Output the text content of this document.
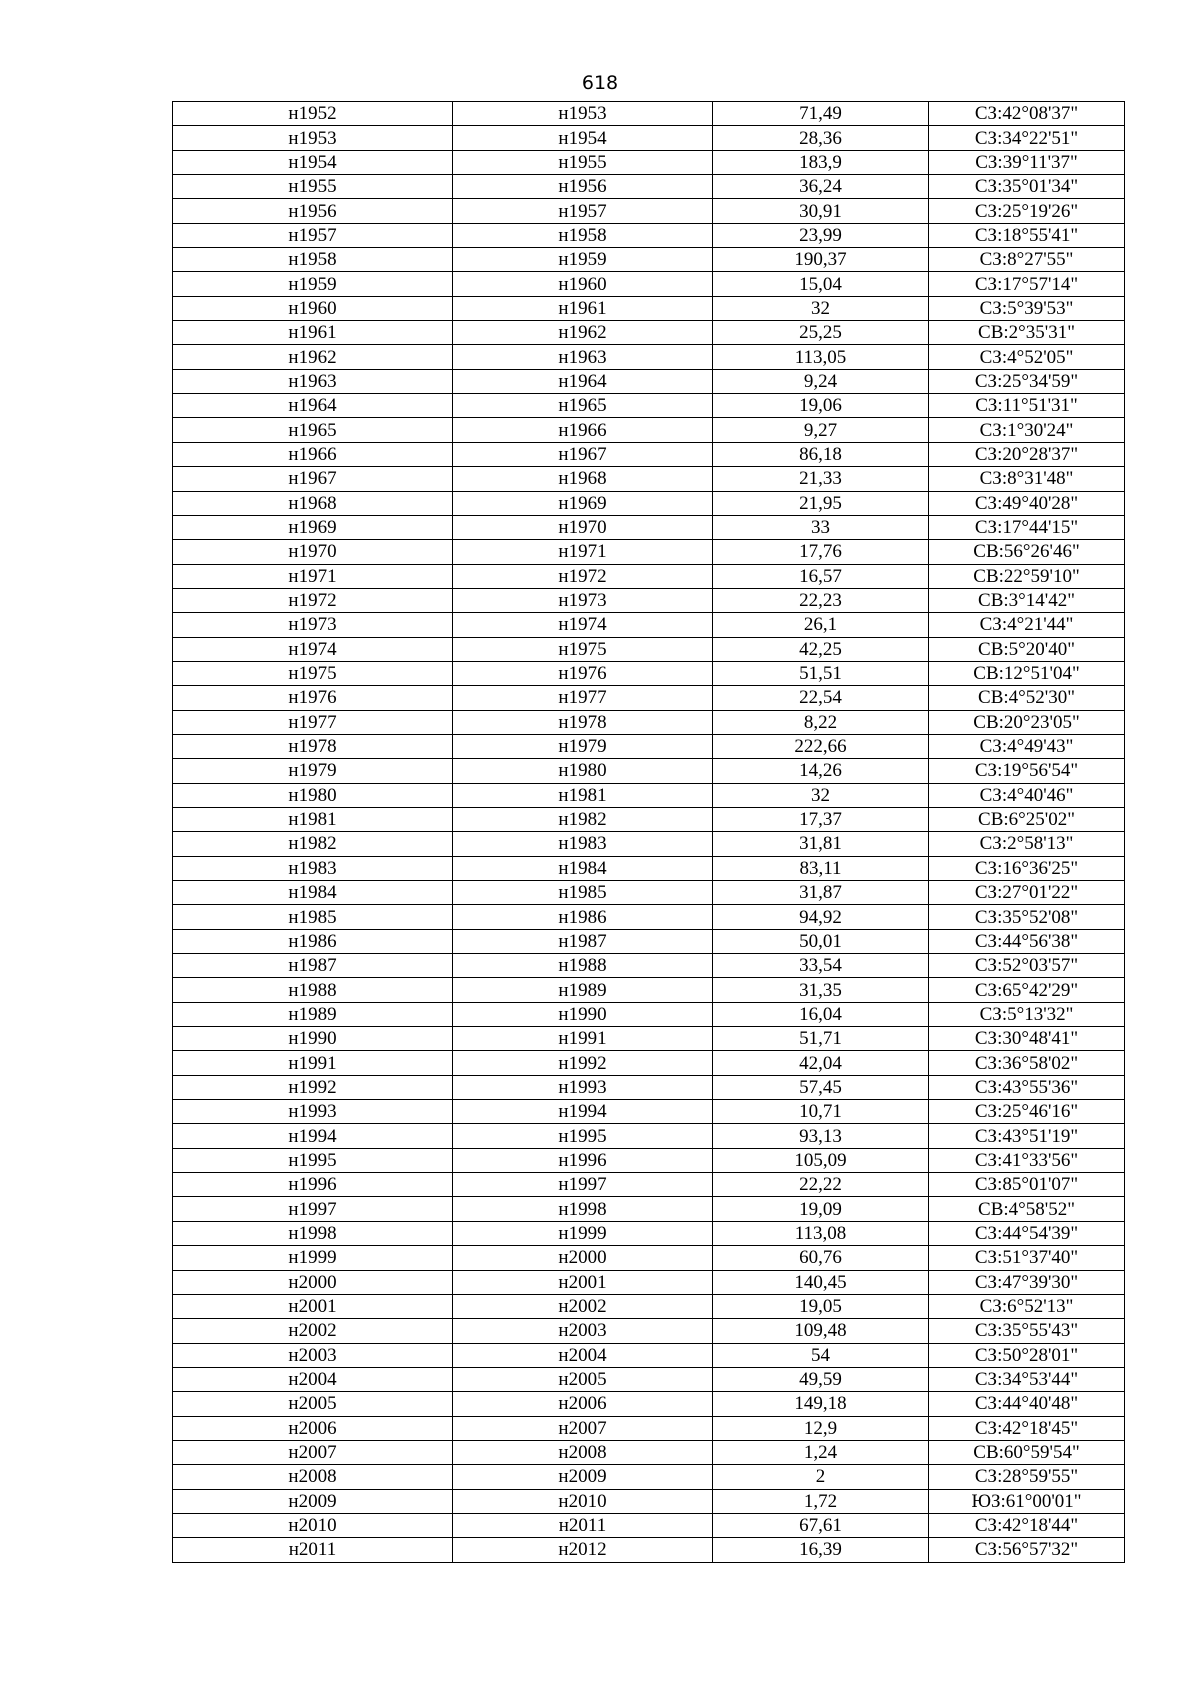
618
н1952	н1953	71,49	СЗ:42°08'37"
н1953	н1954	28,36	СЗ:34°22'51"
н1954	н1955	183,9	СЗ:39°11'37"
н1955	н1956	36,24	СЗ:35°01'34"
н1956	н1957	30,91	СЗ:25°19'26"
н1957	н1958	23,99	СЗ:18°55'41"
н1958	н1959	190,37	СЗ:8°27'55"
н1959	н1960	15,04	СЗ:17°57'14"
н1960	н1961	32	СЗ:5°39'53"
н1961	н1962	25,25	СВ:2°35'31"
н1962	н1963	113,05	СЗ:4°52'05"
н1963	н1964	9,24	СЗ:25°34'59"
н1964	н1965	19,06	СЗ:11°51'31"
н1965	н1966	9,27	СЗ:1°30'24"
н1966	н1967	86,18	СЗ:20°28'37"
н1967	н1968	21,33	СЗ:8°31'48"
н1968	н1969	21,95	СЗ:49°40'28"
н1969	н1970	33	СЗ:17°44'15"
н1970	н1971	17,76	СВ:56°26'46"
н1971	н1972	16,57	СВ:22°59'10"
н1972	н1973	22,23	СВ:3°14'42"
н1973	н1974	26,1	СЗ:4°21'44"
н1974	н1975	42,25	СВ:5°20'40"
н1975	н1976	51,51	СВ:12°51'04"
н1976	н1977	22,54	СВ:4°52'30"
н1977	н1978	8,22	СВ:20°23'05"
н1978	н1979	222,66	СЗ:4°49'43"
н1979	н1980	14,26	СЗ:19°56'54"
н1980	н1981	32	СЗ:4°40'46"
н1981	н1982	17,37	СВ:6°25'02"
н1982	н1983	31,81	СЗ:2°58'13"
н1983	н1984	83,11	СЗ:16°36'25"
н1984	н1985	31,87	СЗ:27°01'22"
н1985	н1986	94,92	СЗ:35°52'08"
н1986	н1987	50,01	СЗ:44°56'38"
н1987	н1988	33,54	СЗ:52°03'57"
н1988	н1989	31,35	СЗ:65°42'29"
н1989	н1990	16,04	СЗ:5°13'32"
н1990	н1991	51,71	СЗ:30°48'41"
н1991	н1992	42,04	СЗ:36°58'02"
н1992	н1993	57,45	СЗ:43°55'36"
н1993	н1994	10,71	СЗ:25°46'16"
н1994	н1995	93,13	СЗ:43°51'19"
н1995	н1996	105,09	СЗ:41°33'56"
н1996	н1997	22,22	СЗ:85°01'07"
н1997	н1998	19,09	СВ:4°58'52"
н1998	н1999	113,08	СЗ:44°54'39"
н1999	н2000	60,76	СЗ:51°37'40"
н2000	н2001	140,45	СЗ:47°39'30"
н2001	н2002	19,05	СЗ:6°52'13"
н2002	н2003	109,48	СЗ:35°55'43"
н2003	н2004	54	СЗ:50°28'01"
н2004	н2005	49,59	СЗ:34°53'44"
н2005	н2006	149,18	СЗ:44°40'48"
н2006	н2007	12,9	СЗ:42°18'45"
н2007	н2008	1,24	СВ:60°59'54"
н2008	н2009	2	СЗ:28°59'55"
н2009	н2010	1,72	ЮЗ:61°00'01"
н2010	н2011	67,61	СЗ:42°18'44"
н2011	н2012	16,39	СЗ:56°57'32"
